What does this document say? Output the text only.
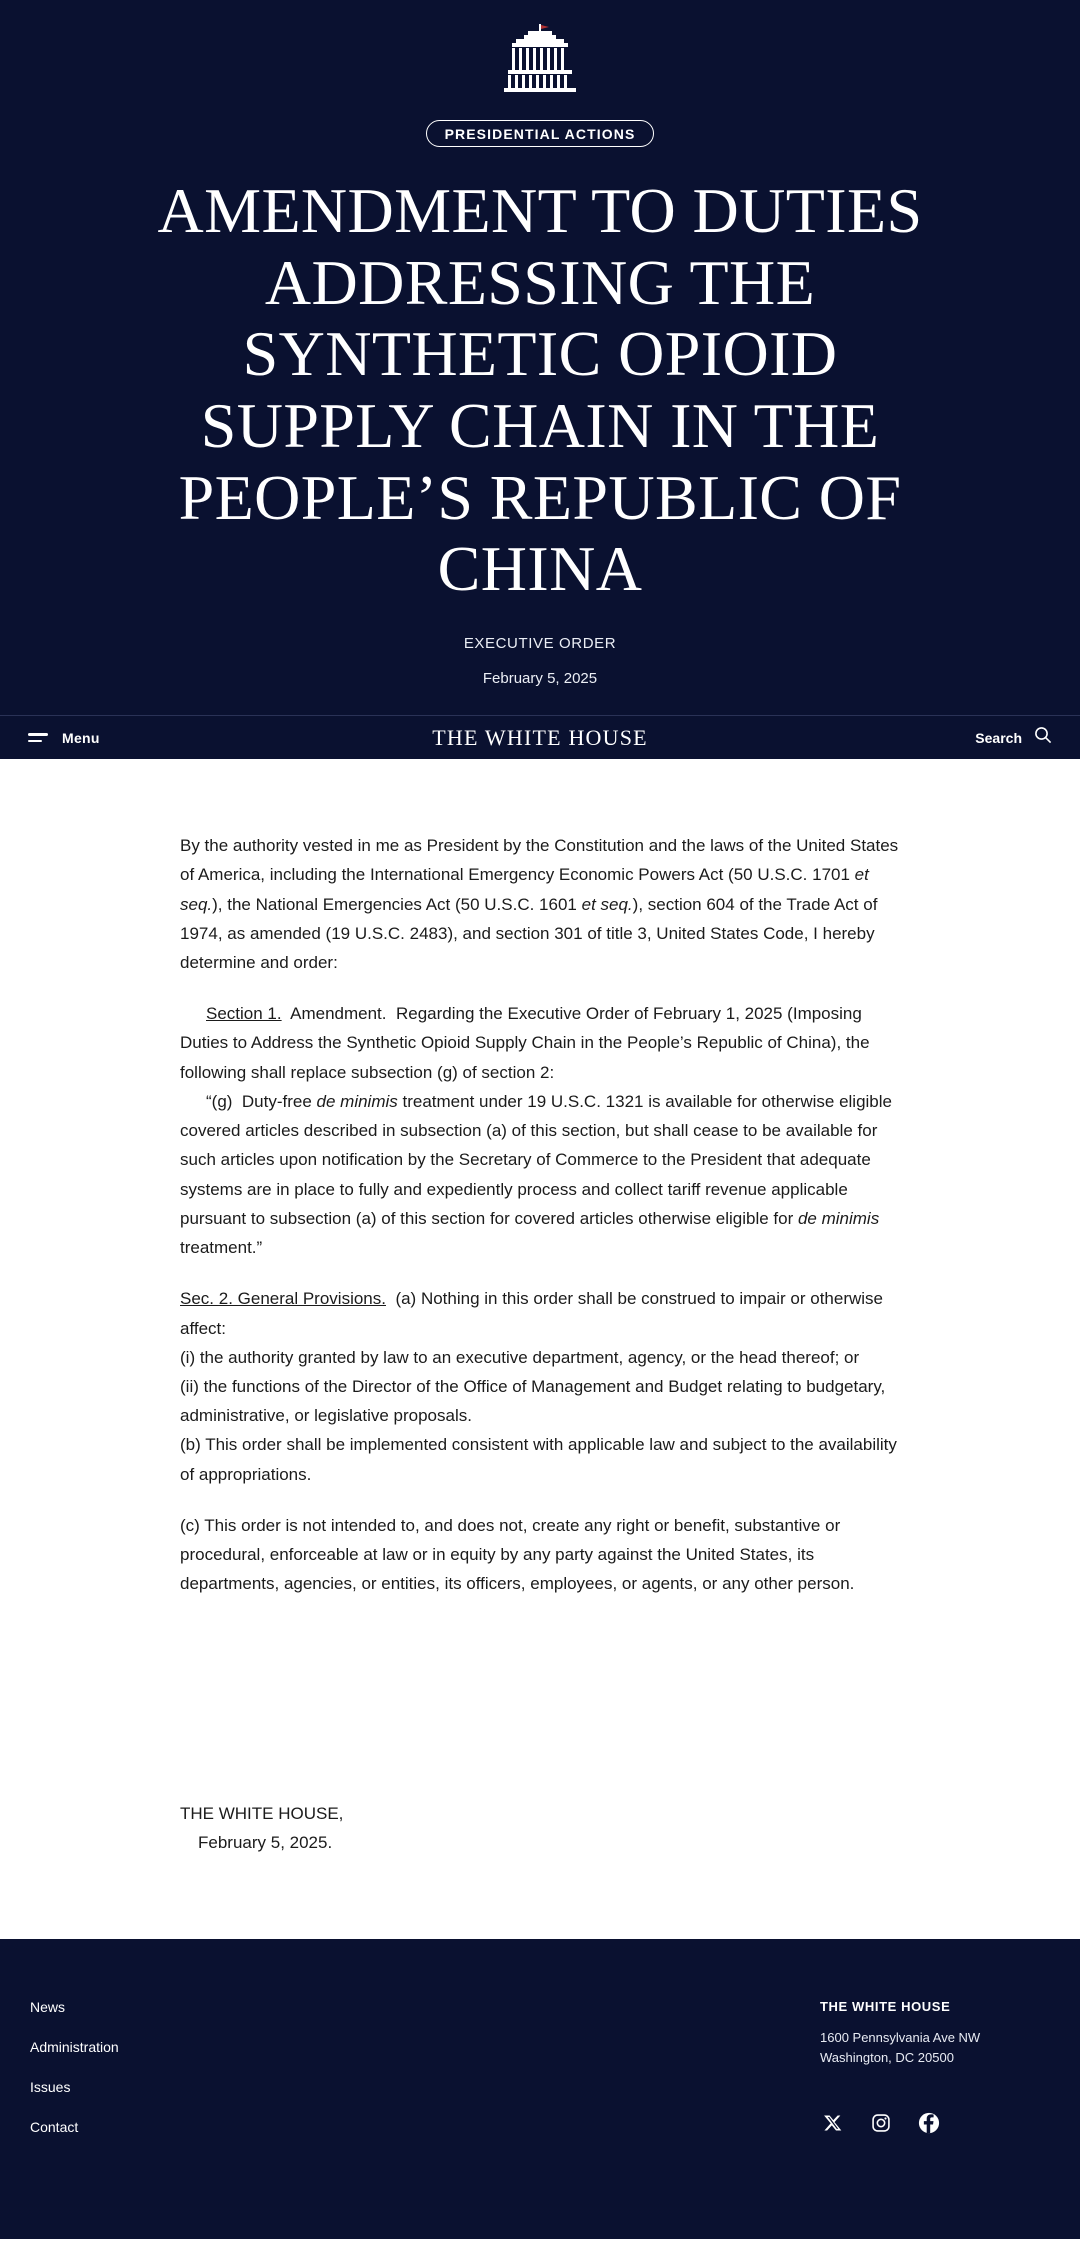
PRESIDENTIAL ACTIONS
AMENDMENT TO DUTIES ADDRESSING THE SYNTHETIC OPIOID SUPPLY CHAIN IN THE PEOPLE’S REPUBLIC OF CHINA
EXECUTIVE ORDER
February 5, 2025
Menu	THE WHITE HOUSE	Search

By the authority vested in me as President by the Constitution and the laws of the United States of America, including the International Emergency Economic Powers Act (50 U.S.C. 1701 et seq.), the National Emergencies Act (50 U.S.C. 1601 et seq.), section 604 of the Trade Act of 1974, as amended (19 U.S.C. 2483), and section 301 of title 3, United States Code, I hereby determine and order:

Section 1. Amendment. Regarding the Executive Order of February 1, 2025 (Imposing Duties to Address the Synthetic Opioid Supply Chain in the People’s Republic of China), the following shall replace subsection (g) of section 2:

“(g)  Duty-free de minimis treatment under 19 U.S.C. 1321 is available for otherwise eligible covered articles described in subsection (a) of this section, but shall cease to be available for such articles upon notification by the Secretary of Commerce to the President that adequate systems are in place to fully and expediently process and collect tariff revenue applicable pursuant to subsection (a) of this section for covered articles otherwise eligible for de minimis treatment.”

Sec. 2. General Provisions. (a) Nothing in this order shall be construed to impair or otherwise affect:

(i) the authority granted by law to an executive department, agency, or the head thereof; or

(ii) the functions of the Director of the Office of Management and Budget relating to budgetary, administrative, or legislative proposals.

(b) This order shall be implemented consistent with applicable law and subject to the availability of appropriations.

(c) This order is not intended to, and does not, create any right or benefit, substantive or procedural, enforceable at law or in equity by any party against the United States, its departments, agencies, or entities, its officers, employees, or agents, or any other person.

THE WHITE HOUSE,
February 5, 2025.
News
Administration
Issues
Contact
THE WHITE HOUSE
1600 Pennsylvania Ave NW
Washington, DC 20500
